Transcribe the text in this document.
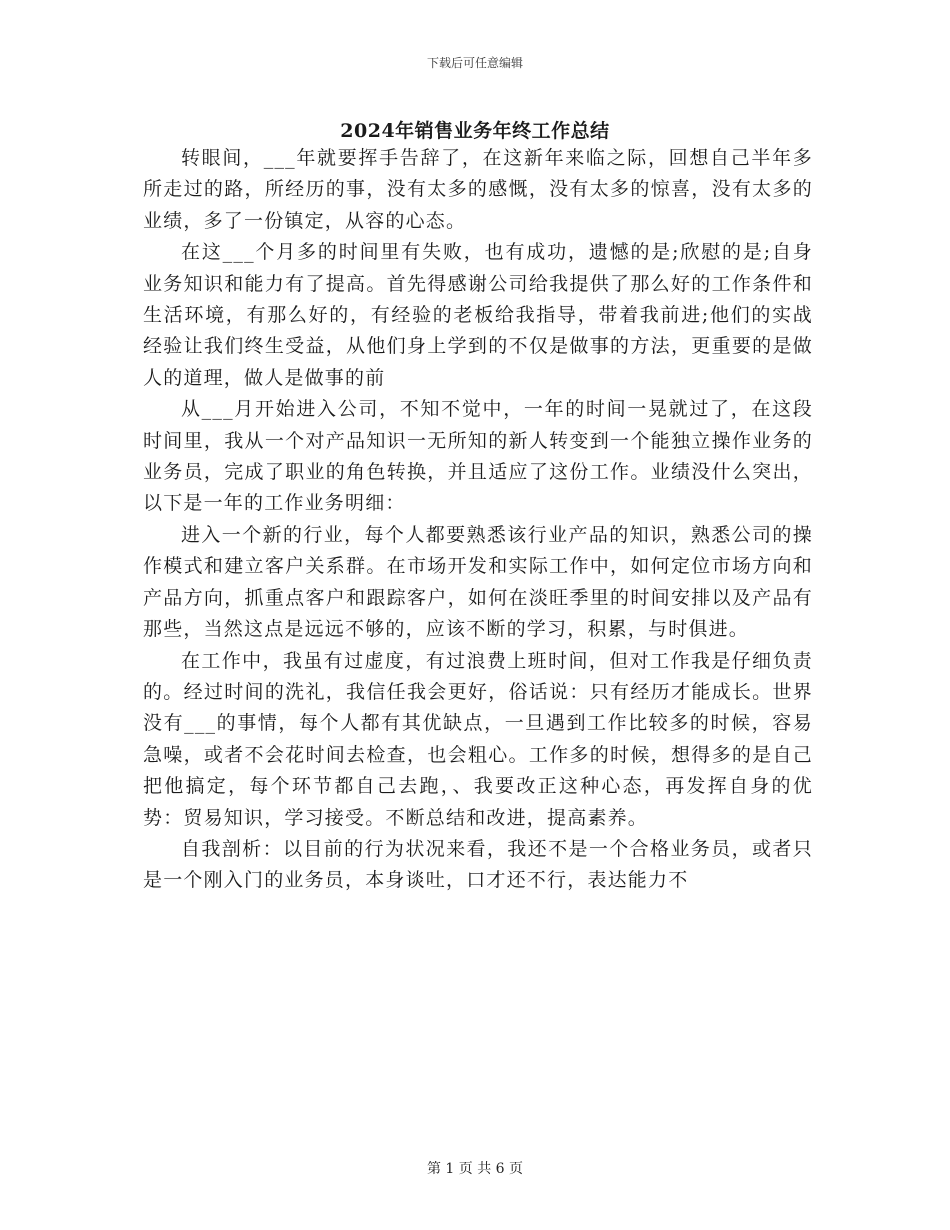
下载后可任意编辑
2024年销售业务年终工作总结

转眼间，___年就要挥手告辞了，在这新年来临之际，回想自己半年多所走过的路，所经历的事，没有太多的感慨，没有太多的惊喜，没有太多的业绩，多了一份镇定，从容的心态。

在这___个月多的时间里有失败，也有成功，遗憾的是;欣慰的是;自身业务知识和能力有了提高。首先得感谢公司给我提供了那么好的工作条件和生活环境，有那么好的，有经验的老板给我指导，带着我前进;他们的实战经验让我们终生受益，从他们身上学到的不仅是做事的方法，更重要的是做人的道理，做人是做事的前

从___月开始进入公司，不知不觉中，一年的时间一晃就过了，在这段时间里，我从一个对产品知识一无所知的新人转变到一个能独立操作业务的业务员，完成了职业的角色转换，并且适应了这份工作。业绩没什么突出，以下是一年的工作业务明细：

进入一个新的行业，每个人都要熟悉该行业产品的知识，熟悉公司的操作模式和建立客户关系群。在市场开发和实际工作中，如何定位市场方向和产品方向，抓重点客户和跟踪客户，如何在淡旺季里的时间安排以及产品有那些，当然这点是远远不够的，应该不断的学习，积累，与时俱进。

在工作中，我虽有过虚度，有过浪费上班时间，但对工作我是仔细负责的。经过时间的洗礼，我信任我会更好，俗话说：只有经历才能成长。世界没有___的事情，每个人都有其优缺点，一旦遇到工作比较多的时候，容易急噪，或者不会花时间去检查，也会粗心。工作多的时候，想得多的是自己把他搞定，每个环节都自己去跑，、我要改正这种心态，再发挥自身的优势：贸易知识，学习接受。不断总结和改进，提高素养。

自我剖析：以目前的行为状况来看，我还不是一个合格业务员，或者只是一个刚入门的业务员，本身谈吐，口才还不行，表达能力不

第 1 页 共 6 页
